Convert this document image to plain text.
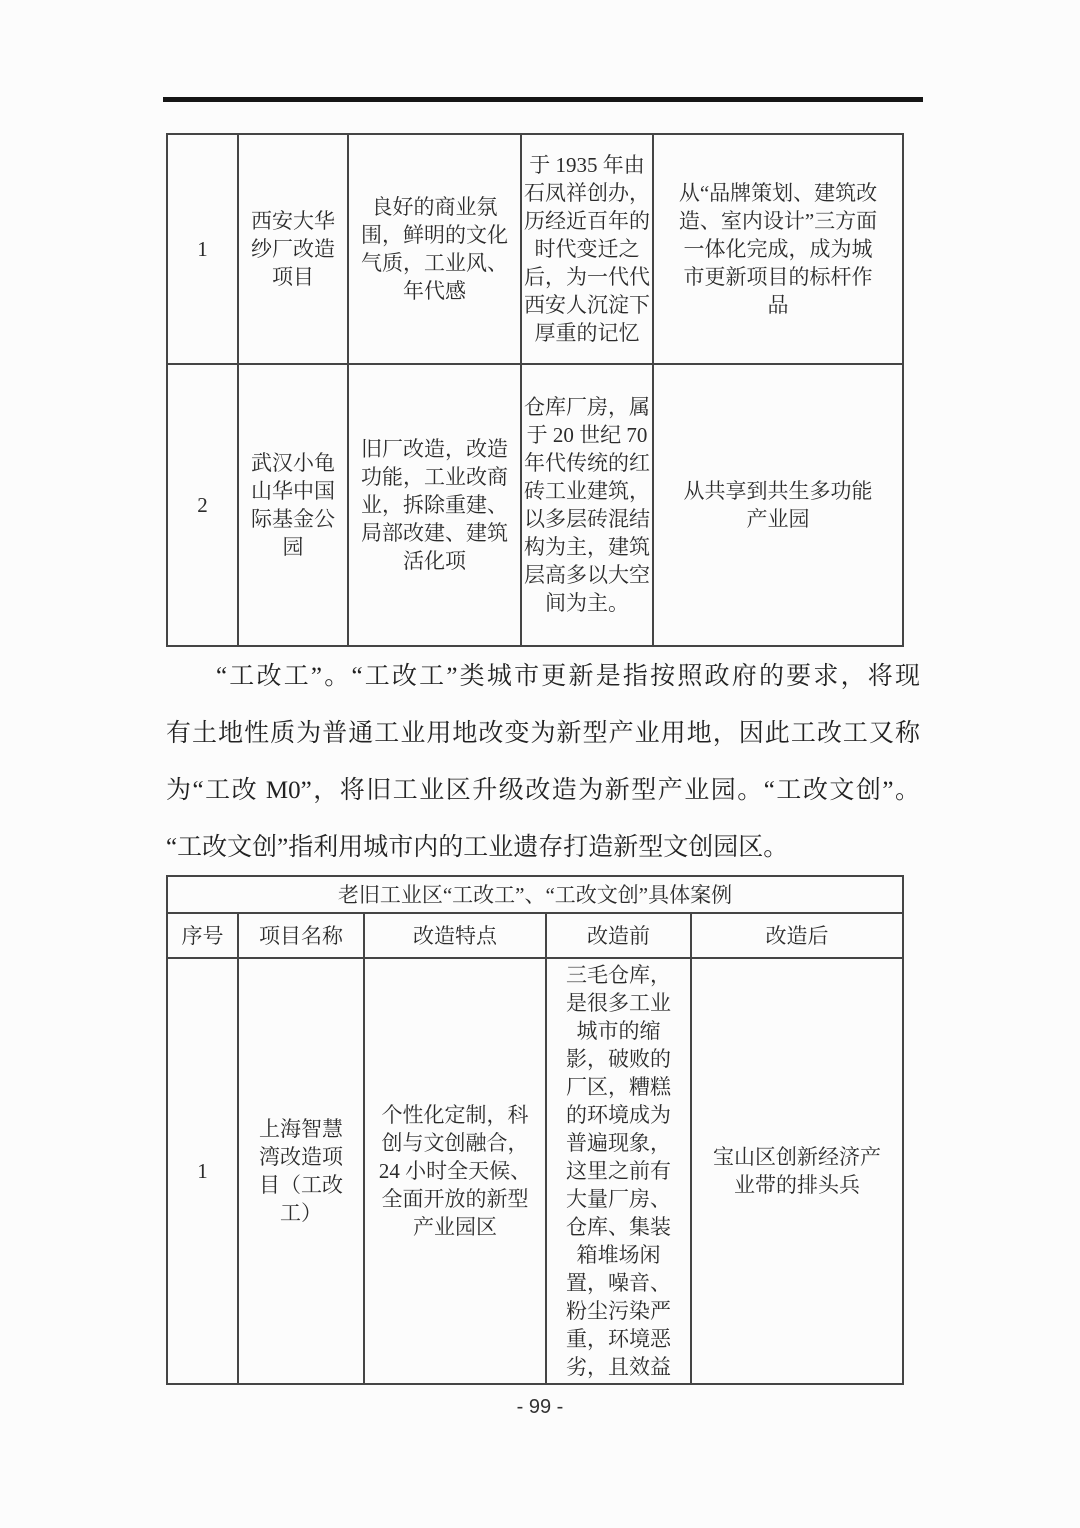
1	西安大华纱厂改造项目	良好的商业氛围，鲜明的文化气质，工业风、年代感	于 1935 年由石凤祥创办，历经近百年的时代变迁之后，为一代代西安人沉淀下厚重的记忆	从“品牌策划、建筑改造、室内设计”三方面一体化完成，成为城市更新项目的标杆作品
2	武汉小龟山华中国际基金公园	旧厂改造，改造功能，工业改商业，拆除重建、局部改建、建筑活化项	仓库厂房，属于 20 世纪 70 年代传统的红砖工业建筑，以多层砖混结构为主，建筑层高多以大空间为主。	从共享到共生多功能产业园
“工改工”。“工改工”类城市更新是指按照政府的要求，将现
有土地性质为普通工业用地改变为新型产业用地，因此工改工又称
为“工改 M0”，将旧工业区升级改造为新型产业园。“工改文创”。
“工改文创”指利用城市内的工业遗存打造新型文创园区。
老旧工业区“工改工”、“工改文创”具体案例				
序号	项目名称	改造特点	改造前	改造后
1	上海智慧湾改造项目（工改工）	个性化定制，科创与文创融合，24 小时全天候、全面开放的新型产业园区	三毛仓库，是很多工业城市的缩影，破败的厂区，糟糕的环境成为普遍现象，这里之前有大量厂房、仓库、集装箱堆场闲置，噪音、粉尘污染严重，环境恶劣，且效益	宝山区创新经济产业带的排头兵
- 99 -
